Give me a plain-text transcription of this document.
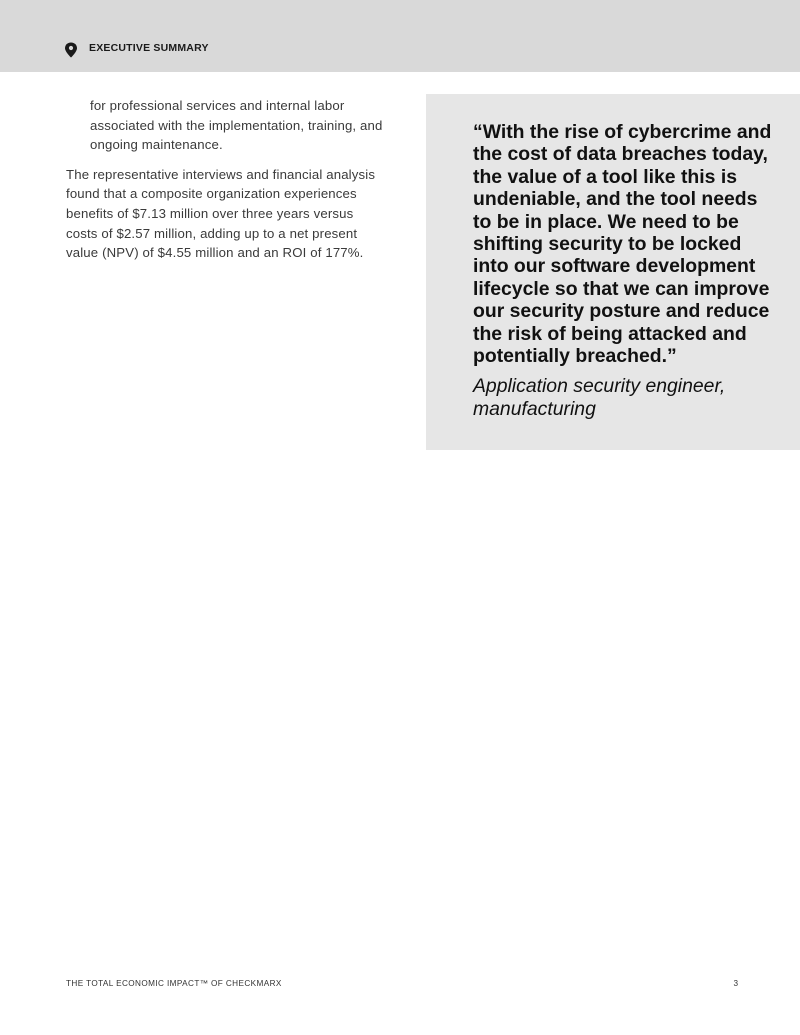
EXECUTIVE SUMMARY

for professional services and internal labor associated with the implementation, training, and ongoing maintenance.

The representative interviews and financial analysis found that a composite organization experiences benefits of $7.13 million over three years versus costs of $2.57 million, adding up to a net present value (NPV) of $4.55 million and an ROI of 177%.

“With the rise of cybercrime and the cost of data breaches today, the value of a tool like this is undeniable, and the tool needs to be in place. We need to be shifting security to be locked into our software development lifecycle so that we can improve our security posture and reduce the risk of being attacked and potentially breached.”
Application security engineer, manufacturing
THE TOTAL ECONOMIC IMPACT™ OF CHECKMARX	3
